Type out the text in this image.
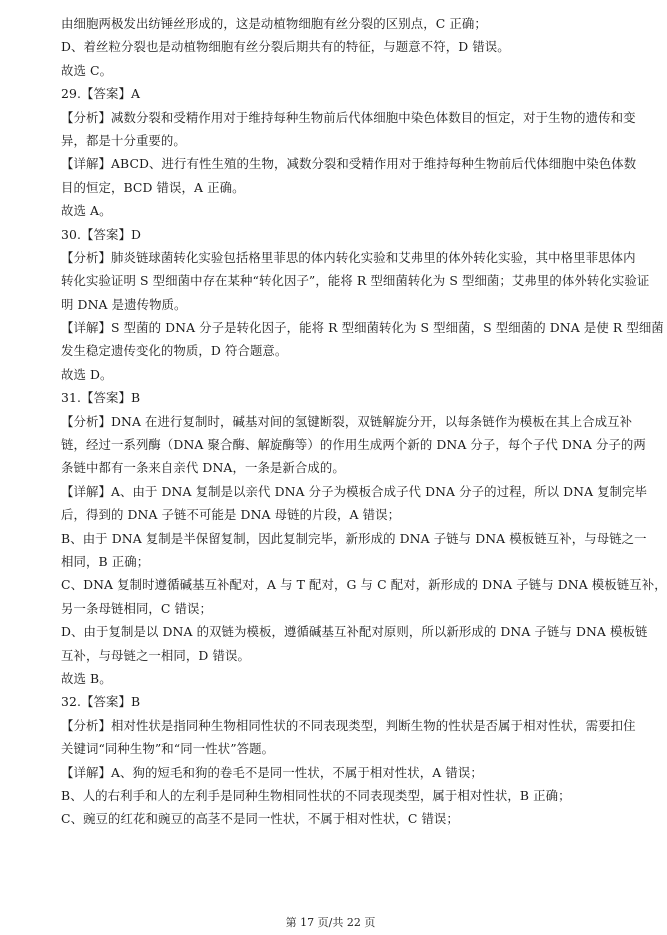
由细胞两极发出纺锤丝形成的，这是动植物细胞有丝分裂的区别点，C 正确；
D、着丝粒分裂也是动植物细胞有丝分裂后期共有的特征，与题意不符，D 错误。
故选 C。
29.【答案】A
【分析】减数分裂和受精作用对于维持每种生物前后代体细胞中染色体数目的恒定，对于生物的遗传和变
异，都是十分重要的。
【详解】ABCD、进行有性生殖的生物，减数分裂和受精作用对于维持每种生物前后代体细胞中染色体数
目的恒定，BCD 错误，A 正确。
故选 A。
30.【答案】D
【分析】肺炎链球菌转化实验包括格里菲思的体内转化实验和艾弗里的体外转化实验，其中格里菲思体内
转化实验证明 S 型细菌中存在某种“转化因子”，能将 R 型细菌转化为 S 型细菌；艾弗里的体外转化实验证
明 DNA 是遗传物质。
【详解】S 型菌的 DNA 分子是转化因子，能将 R 型细菌转化为 S 型细菌，S 型细菌的 DNA 是使 R 型细菌
发生稳定遗传变化的物质，D 符合题意。
故选 D。
31.【答案】B
【分析】DNA 在进行复制时，碱基对间的氢键断裂，双链解旋分开，以每条链作为模板在其上合成互补
链，经过一系列酶（DNA 聚合酶、解旋酶等）的作用生成两个新的 DNA 分子，每个子代 DNA 分子的两
条链中都有一条来自亲代 DNA，一条是新合成的。
【详解】A、由于 DNA 复制是以亲代 DNA 分子为模板合成子代 DNA 分子的过程，所以 DNA 复制完毕
后，得到的 DNA 子链不可能是 DNA 母链的片段，A 错误；
B、由于 DNA 复制是半保留复制，因此复制完毕，新形成的 DNA 子链与 DNA 模板链互补，与母链之一
相同，B 正确；
C、DNA 复制时遵循碱基互补配对，A 与 T 配对，G 与 C 配对，新形成的 DNA 子链与 DNA 模板链互补，
另一条母链相同，C 错误；
D、由于复制是以 DNA 的双链为模板，遵循碱基互补配对原则，所以新形成的 DNA 子链与 DNA 模板链
互补，与母链之一相同，D 错误。
故选 B。
32.【答案】B
【分析】相对性状是指同种生物相同性状的不同表现类型，判断生物的性状是否属于相对性状，需要扣住
关键词“同种生物”和“同一性状”答题。
【详解】A、狗的短毛和狗的卷毛不是同一性状，不属于相对性状，A 错误；
B、人的右利手和人的左利手是同种生物相同性状的不同表现类型，属于相对性状，B 正确；
C、豌豆的红花和豌豆的高茎不是同一性状，不属于相对性状，C 错误；
第 17 页/共 22 页
